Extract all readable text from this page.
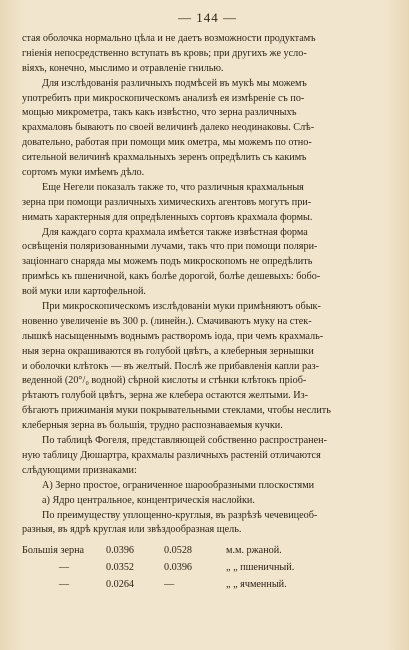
— 144 —
стая оболочка нормально цѣла и не даетъ возможности продуктамъ
гніенія непосредственно вступать въ кровь; при другихъ же усло-
віяхъ, конечно, мыслимо и отравленіе гнилью.
Для изслѣдованія различныхъ подмѣсей въ мукѣ мы можемъ
употребить при микроскопическомъ анализѣ ея измѣреніе съ по-
мощью микрометра, такъ какъ извѣстно, что зерна различныхъ
крахмаловъ бываютъ по своей величинѣ далеко неодинаковы. Слѣ-
довательно, работая при помощи мик ометра, мы можемъ по отно-
сительной величинѣ крахмальныхъ зеренъ опредѣлить съ какимъ
сортомъ муки имѣемъ дѣло.
Еще Негели показалъ также то, что различныя крахмальныя
зерна при помощи различныхъ химическихъ агентовъ могутъ при-
нимать характерныя для опредѣленныхъ сортовъ крахмала формы.
Для каждаго сорта крахмала имѣется также извѣстная форма
освѣщенія поляризованными лучами, такъ что при помощи поляри-
заціоннаго снаряда мы можемъ подъ микроскопомъ не опредѣлить
примѣсь къ пшеничной, какъ болѣе дорогой, болѣе дешевыхъ: бобо-
вой муки или картофельной.
При микроскопическомъ изслѣдованіи муки примѣняютъ обык-
новенно увеличеніе въ 300 р. (линейн.). Смачиваютъ муку на стек-
лышкѣ насыщеннымъ воднымъ растворомъ іода, при чемъ крахмаль-
ныя зерна окрашиваются въ голубой цвѣтъ, а клеберныя зернышки
и оболочки клѣтокъ — въ желтый. Послѣ же прибавленія капли раз-
веденной (20°/₀ водной) сѣрной кислоты и стѣнки клѣтокъ пріоб-
рѣтаютъ голубой цвѣтъ, зерна же клебера остаются желтыми. Из-
бѣгаютъ прижиманія муки покрывательными стеклами, чтобы неслить
клеберныя зерна въ большія, трудно распознаваемыя кучки.
По таблицѣ Фогеля, представляющей собственно распространен-
ную таблицу Дюшартра, крахмалы различныхъ растеній отличаются
слѣдующими признаками:
А) Зерно простое, ограниченное шарообразными плоскостями
а) Ядро центральное, концентрическія наслойки.
По преимуществу уплощенно-круглыя, въ разрѣзѣ чечевицеоб-
разныя, въ ядрѣ круглая или звѣздообразная щель.
Большія зерна	0.0396	0.0528	м.м. ржаной.
—	0.0352	0.0396	„ „ пшеничный.
—	0.0264	—	„ „ ячменный.
